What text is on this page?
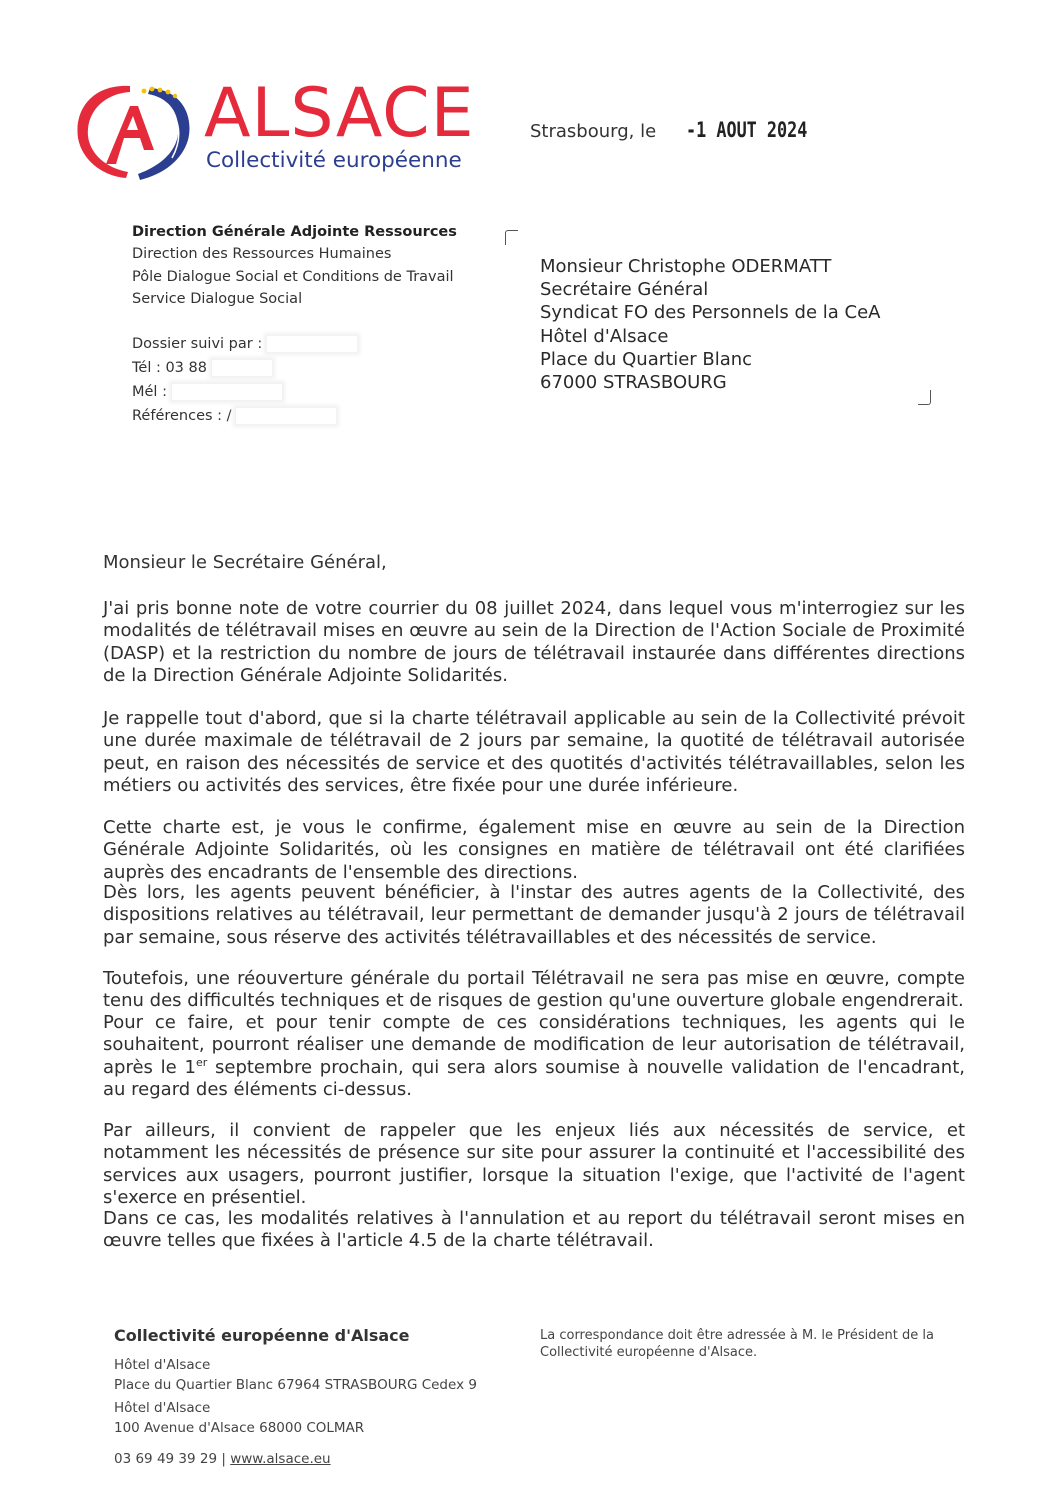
ALSACE
Collectivité européenne
Strasbourg, le -1 AOUT 2024
Direction Générale Adjointe Ressources
Direction des Ressources Humaines
Pôle Dialogue Social et Conditions de Travail
Service Dialogue Social
Dossier suivi par :
Tél : 03 88
Mél :
Références : /
Monsieur Christophe ODERMATT
Secrétaire Général
Syndicat FO des Personnels de la CeA
Hôtel d'Alsace
Place du Quartier Blanc
67000 STRASBOURG
Monsieur le Secrétaire Général,
J'ai pris bonne note de votre courrier du 08 juillet 2024, dans lequel vous m'interrogiez sur les modalités de télétravail mises en œuvre au sein de la Direction de l'Action Sociale de Proximité (DASP) et la restriction du nombre de jours de télétravail instaurée dans différentes directions de la Direction Générale Adjointe Solidarités.
Je rappelle tout d'abord, que si la charte télétravail applicable au sein de la Collectivité prévoit une durée maximale de télétravail de 2 jours par semaine, la quotité de télétravail autorisée peut, en raison des nécessités de service et des quotités d'activités télétravaillables, selon les métiers ou activités des services, être fixée pour une durée inférieure.
Cette charte est, je vous le confirme, également mise en œuvre au sein de la Direction Générale Adjointe Solidarités, où les consignes en matière de télétravail ont été clarifiées auprès des encadrants de l'ensemble des directions.
Dès lors, les agents peuvent bénéficier, à l'instar des autres agents de la Collectivité, des dispositions relatives au télétravail, leur permettant de demander jusqu'à 2 jours de télétravail par semaine, sous réserve des activités télétravaillables et des nécessités de service.
Toutefois, une réouverture générale du portail Télétravail ne sera pas mise en œuvre, compte tenu des difficultés techniques et de risques de gestion qu'une ouverture globale engendrerait.
Pour ce faire, et pour tenir compte de ces considérations techniques, les agents qui le souhaitent, pourront réaliser une demande de modification de leur autorisation de télétravail, après le 1er septembre prochain, qui sera alors soumise à nouvelle validation de l'encadrant, au regard des éléments ci-dessus.
Par ailleurs, il convient de rappeler que les enjeux liés aux nécessités de service, et notamment les nécessités de présence sur site pour assurer la continuité et l'accessibilité des services aux usagers, pourront justifier, lorsque la situation l'exige, que l'activité de l'agent s'exerce en présentiel.
Dans ce cas, les modalités relatives à l'annulation et au report du télétravail seront mises en œuvre telles que fixées à l'article 4.5 de la charte télétravail.
Collectivité européenne d'Alsace
Hôtel d'Alsace
Place du Quartier Blanc 67964 STRASBOURG Cedex 9
Hôtel d'Alsace
100 Avenue d'Alsace 68000 COLMAR
03 69 49 39 29 | www.alsace.eu
La correspondance doit être adressée à M. le Président de la Collectivité européenne d'Alsace.
